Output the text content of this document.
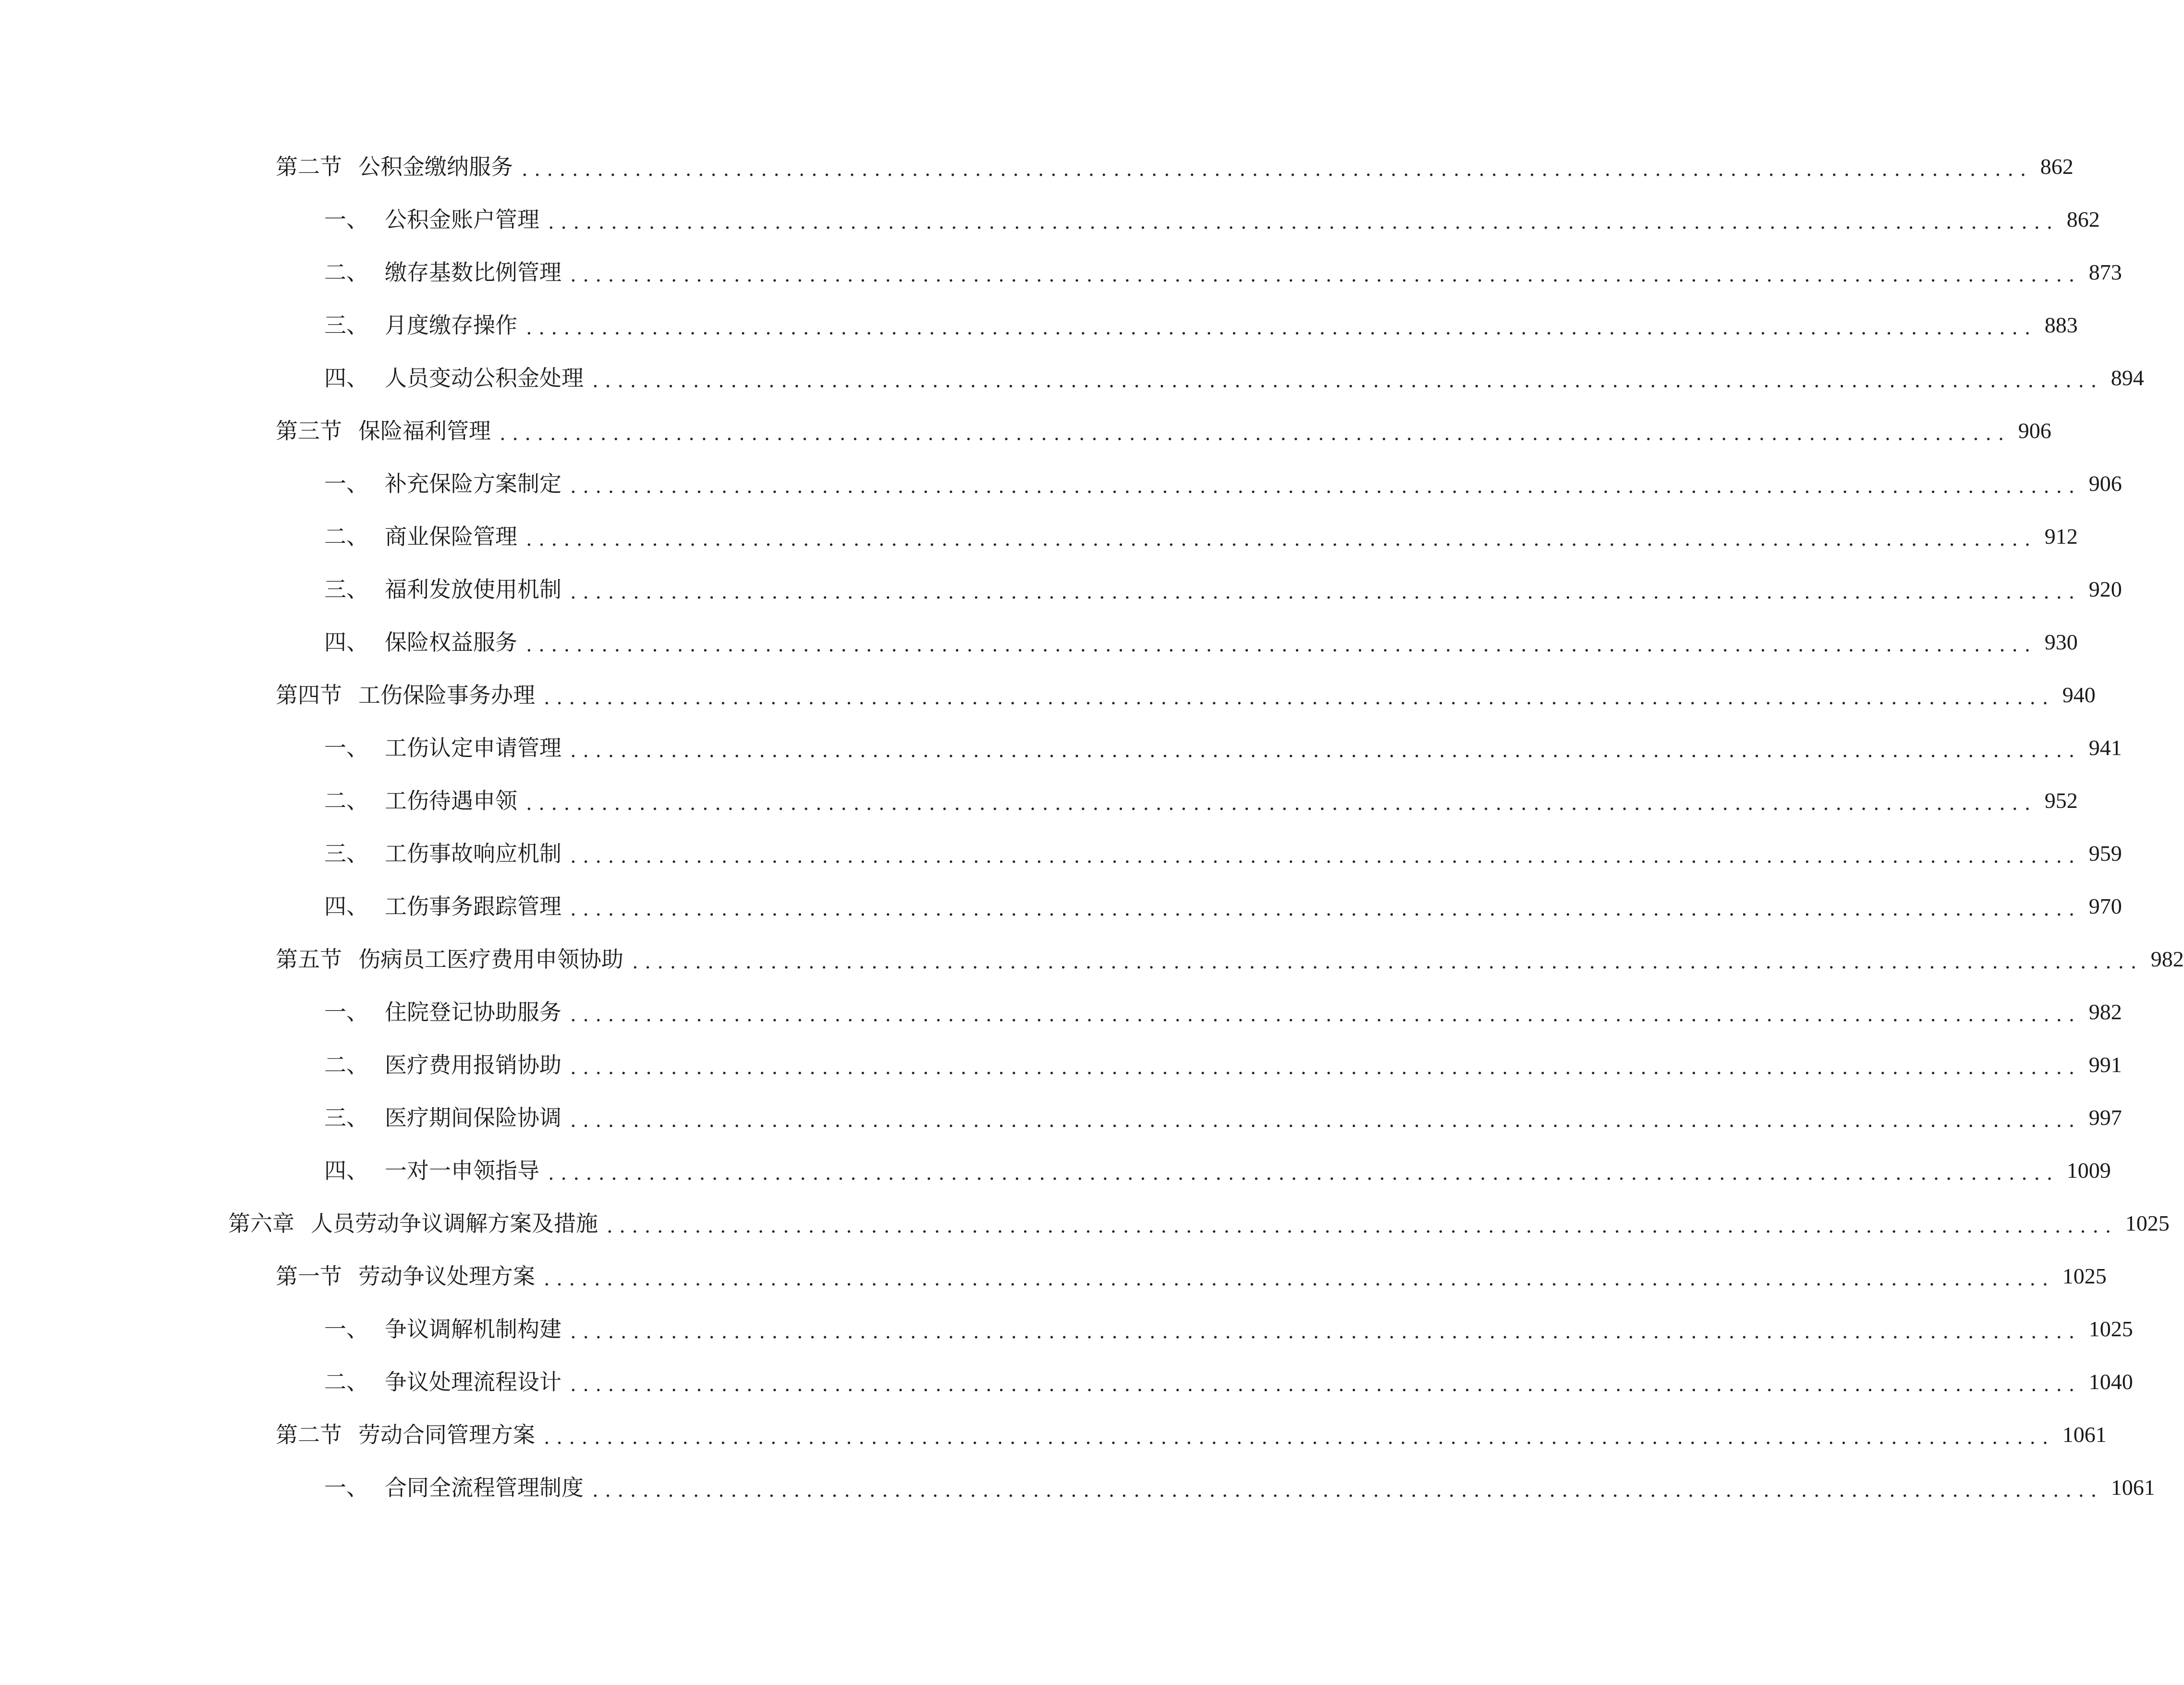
第二节 公积金缴纳服务 ........................................................................................................................ 862
一、 公积金账户管理 ........................................................................................................................ 862
二、 缴存基数比例管理 ........................................................................................................................ 873
三、 月度缴存操作 ........................................................................................................................ 883
四、 人员变动公积金处理 ........................................................................................................................ 894
第三节 保险福利管理 ........................................................................................................................ 906
一、 补充保险方案制定 ........................................................................................................................ 906
二、 商业保险管理 ........................................................................................................................ 912
三、 福利发放使用机制 ........................................................................................................................ 920
四、 保险权益服务 ........................................................................................................................ 930
第四节 工伤保险事务办理 ........................................................................................................................ 940
一、 工伤认定申请管理 ........................................................................................................................ 941
二、 工伤待遇申领 ........................................................................................................................ 952
三、 工伤事故响应机制 ........................................................................................................................ 959
四、 工伤事务跟踪管理 ........................................................................................................................ 970
第五节 伤病员工医疗费用申领协助 ........................................................................................................................ 982
一、 住院登记协助服务 ........................................................................................................................ 982
二、 医疗费用报销协助 ........................................................................................................................ 991
三、 医疗期间保险协调 ........................................................................................................................ 997
四、 一对一申领指导 ........................................................................................................................ 1009
第六章 人员劳动争议调解方案及措施 ........................................................................................................................ 1025
第一节 劳动争议处理方案 ........................................................................................................................ 1025
一、 争议调解机制构建 ........................................................................................................................ 1025
二、 争议处理流程设计 ........................................................................................................................ 1040
第二节 劳动合同管理方案 ........................................................................................................................ 1061
一、 合同全流程管理制度 ........................................................................................................................ 1061
